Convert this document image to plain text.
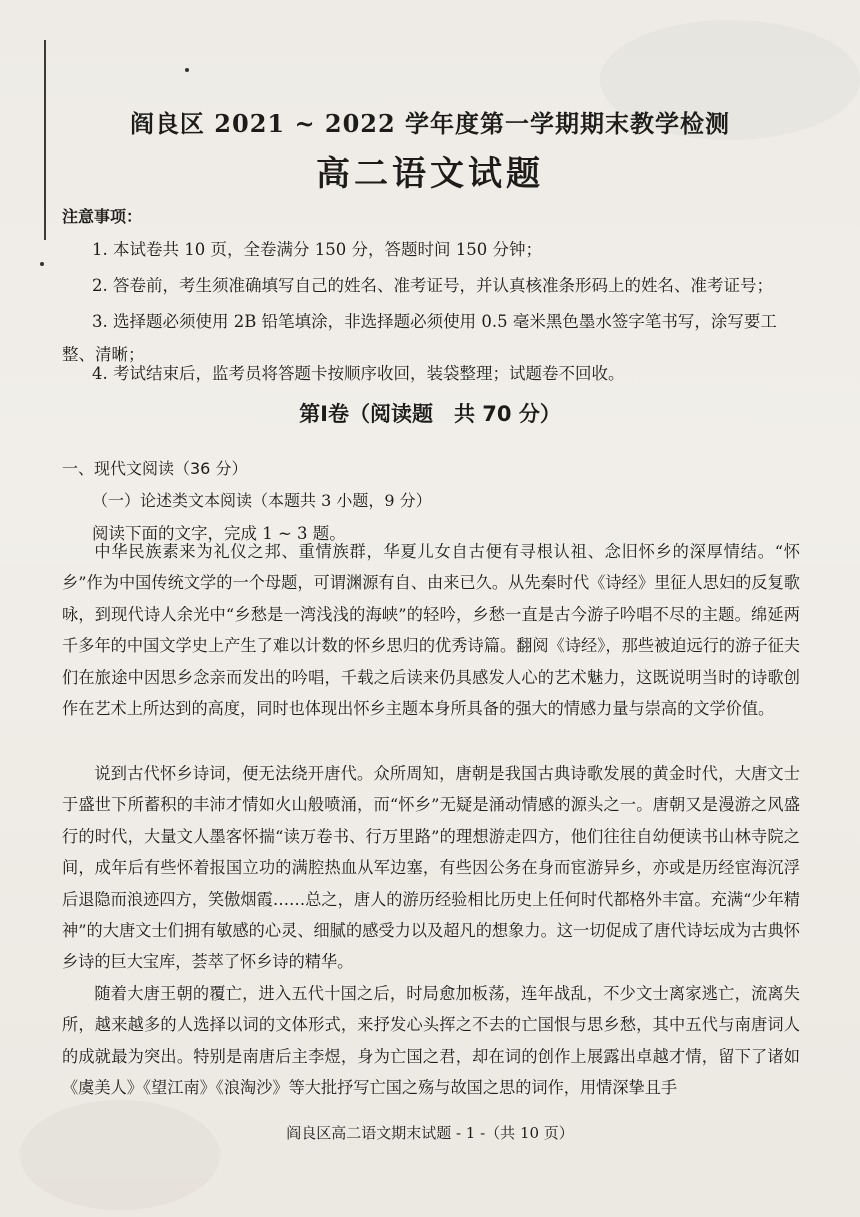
阎良区 2021 ~ 2022 学年度第一学期期末教学检测
高二语文试题
注意事项：
1. 本试卷共 10 页，全卷满分 150 分，答题时间 150 分钟；
2. 答卷前，考生须准确填写自己的姓名、准考证号，并认真核准条形码上的姓名、准考证号；
3. 选择题必须使用 2B 铅笔填涂，非选择题必须使用 0.5 毫米黑色墨水签字笔书写，涂写要工
整、清晰；
4. 考试结束后，监考员将答题卡按顺序收回，装袋整理；试题卷不回收。
第Ⅰ卷（阅读题　共 70 分）
一、现代文阅读（36 分）
（一）论述类文本阅读（本题共 3 小题，9 分）
阅读下面的文字，完成 1 ~ 3 题。

中华民族素来为礼仪之邦、重情族群，华夏儿女自古便有寻根认祖、念旧怀乡的深厚情结。“怀乡”作为中国传统文学的一个母题，可谓渊源有自、由来已久。从先秦时代《诗经》里征人思妇的反复歌咏，到现代诗人余光中“乡愁是一湾浅浅的海峡”的轻吟，乡愁一直是古今游子吟唱不尽的主题。绵延两千多年的中国文学史上产生了难以计数的怀乡思归的优秀诗篇。翻阅《诗经》，那些被迫远行的游子征夫们在旅途中因思乡念亲而发出的吟唱，千载之后读来仍具感发人心的艺术魅力，这既说明当时的诗歌创作在艺术上所达到的高度，同时也体现出怀乡主题本身所具备的强大的情感力量与崇高的文学价值。

说到古代怀乡诗词，便无法绕开唐代。众所周知，唐朝是我国古典诗歌发展的黄金时代，大唐文士于盛世下所蓄积的丰沛才情如火山般喷涌，而“怀乡”无疑是涌动情感的源头之一。唐朝又是漫游之风盛行的时代，大量文人墨客怀揣“读万卷书、行万里路”的理想游走四方，他们往往自幼便读书山林寺院之间，成年后有些怀着报国立功的满腔热血从军边塞，有些因公务在身而宦游异乡，亦或是历经宦海沉浮后退隐而浪迹四方，笑傲烟霞……总之，唐人的游历经验相比历史上任何时代都格外丰富。充满“少年精神”的大唐文士们拥有敏感的心灵、细腻的感受力以及超凡的想象力。这一切促成了唐代诗坛成为古典怀乡诗的巨大宝库，荟萃了怀乡诗的精华。

随着大唐王朝的覆亡，进入五代十国之后，时局愈加板荡，连年战乱，不少文士离家逃亡，流离失所，越来越多的人选择以词的文体形式，来抒发心头挥之不去的亡国恨与思乡愁，其中五代与南唐词人的成就最为突出。特别是南唐后主李煜，身为亡国之君，却在词的创作上展露出卓越才情，留下了诸如《虞美人》《望江南》《浪淘沙》等大批抒写亡国之殇与故国之思的词作，用情深挚且手

阎良区高二语文期末试题 - 1 -（共 10 页）
